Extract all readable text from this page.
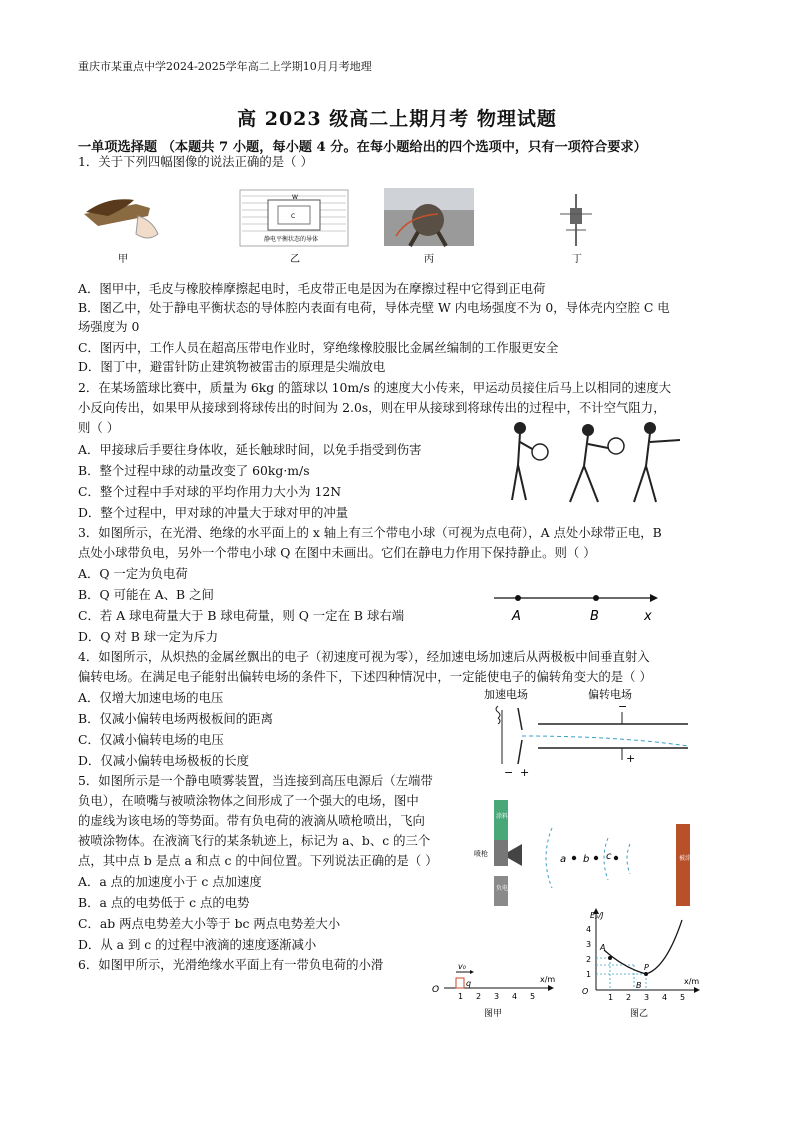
重庆市某重点中学2024-2025学年高二上学期10月月考地理
高 2023 级高二上期月考 物理试题
一单项选择题 （本题共 7 小题，每小题 4 分。在每小题给出的四个选项中，只有一项符合要求）
1．关于下列四幅图像的说法正确的是（ ）
W
C
静电平衡状态的导体
甲	乙	丙	丁
A．图甲中，毛皮与橡胶棒摩擦起电时，毛皮带正电是因为在摩擦过程中它得到正电荷
B．图乙中，处于静电平衡状态的导体腔内表面有电荷，导体壳壁 W 内电场强度不为 0，导体壳内空腔 C 电
场强度为 0
C．图丙中，工作人员在超高压带电作业时，穿绝缘橡胶服比金属丝编制的工作服更安全
D．图丁中，避雷针防止建筑物被雷击的原理是尖端放电
2．在某场篮球比赛中，质量为 6kg 的篮球以 10m/s 的速度大小传来，甲运动员接住后马上以相同的速度大
小反向传出，如果甲从接球到将球传出的时间为 2.0s，则在甲从接球到将球传出的过程中，不计空气阻力，
则（ ）
A．甲接球后手要往身体收，延长触球时间，以免手指受到伤害
B．整个过程中球的动量改变了 60kg·m/s
C．整个过程中手对球的平均作用力大小为 12N
D．整个过程中，甲对球的冲量大于球对甲的冲量
3．如图所示，在光滑、绝缘的水平面上的 x 轴上有三个带电小球（可视为点电荷），A 点处小球带正电，B
点处小球带负电，另外一个带电小球 Q 在图中未画出。它们在静电力作用下保持静止。则（ ）
A．Q 一定为负电荷
B．Q 可能在 A、B 之间
C．若 A 球电荷量大于 B 球电荷量，则 Q 一定在 B 球右端
D．Q 对 B 球一定为斥力
A	B	x
4．如图所示，从炽热的金属丝飘出的电子（初速度可视为零），经加速电场加速后从两极板中间垂直射入
偏转电场。在满足电子能射出偏转电场的条件下，下述四种情况中，一定能使电子的偏转角变大的是（ ）
A．仅增大加速电场的电压
B．仅减小偏转电场两极板间的距离
C．仅减小偏转电场的电压
D．仅减小偏转电场极板的长度
加速电场	偏转电场
−
+
− +
5．如图所示是一个静电喷雾装置，当连接到高压电源后（左端带
负电），在喷嘴与被喷涂物体之间形成了一个强大的电场，图中
的虚线为该电场的等势面。带有负电荷的液滴从喷枪喷出，飞向
被喷涂物体。在液滴飞行的某条轨迹上，标记为 a、b、c 的三个
点，其中点 b 是点 a 和点 c 的中间位置。下列说法正确的是（ ）
A．a 点的加速度小于 c 点加速度
B．a 点的电势低于 c 点的电势
C．ab 两点电势差大小等于 bc 两点电势差大小
D．从 a 到 c 的过程中液滴的速度逐渐减小
涂料
负电压
喷枪	a b c	被涂物
6．如图甲所示，光滑绝缘水平面上有一带负电荷的小滑	v₀
q
O
x/m
1 2 3 4 5
图甲
Eₚ/J
x/m
O
1
2
3
4
1 2 3 4 5
A
P
B
图乙
